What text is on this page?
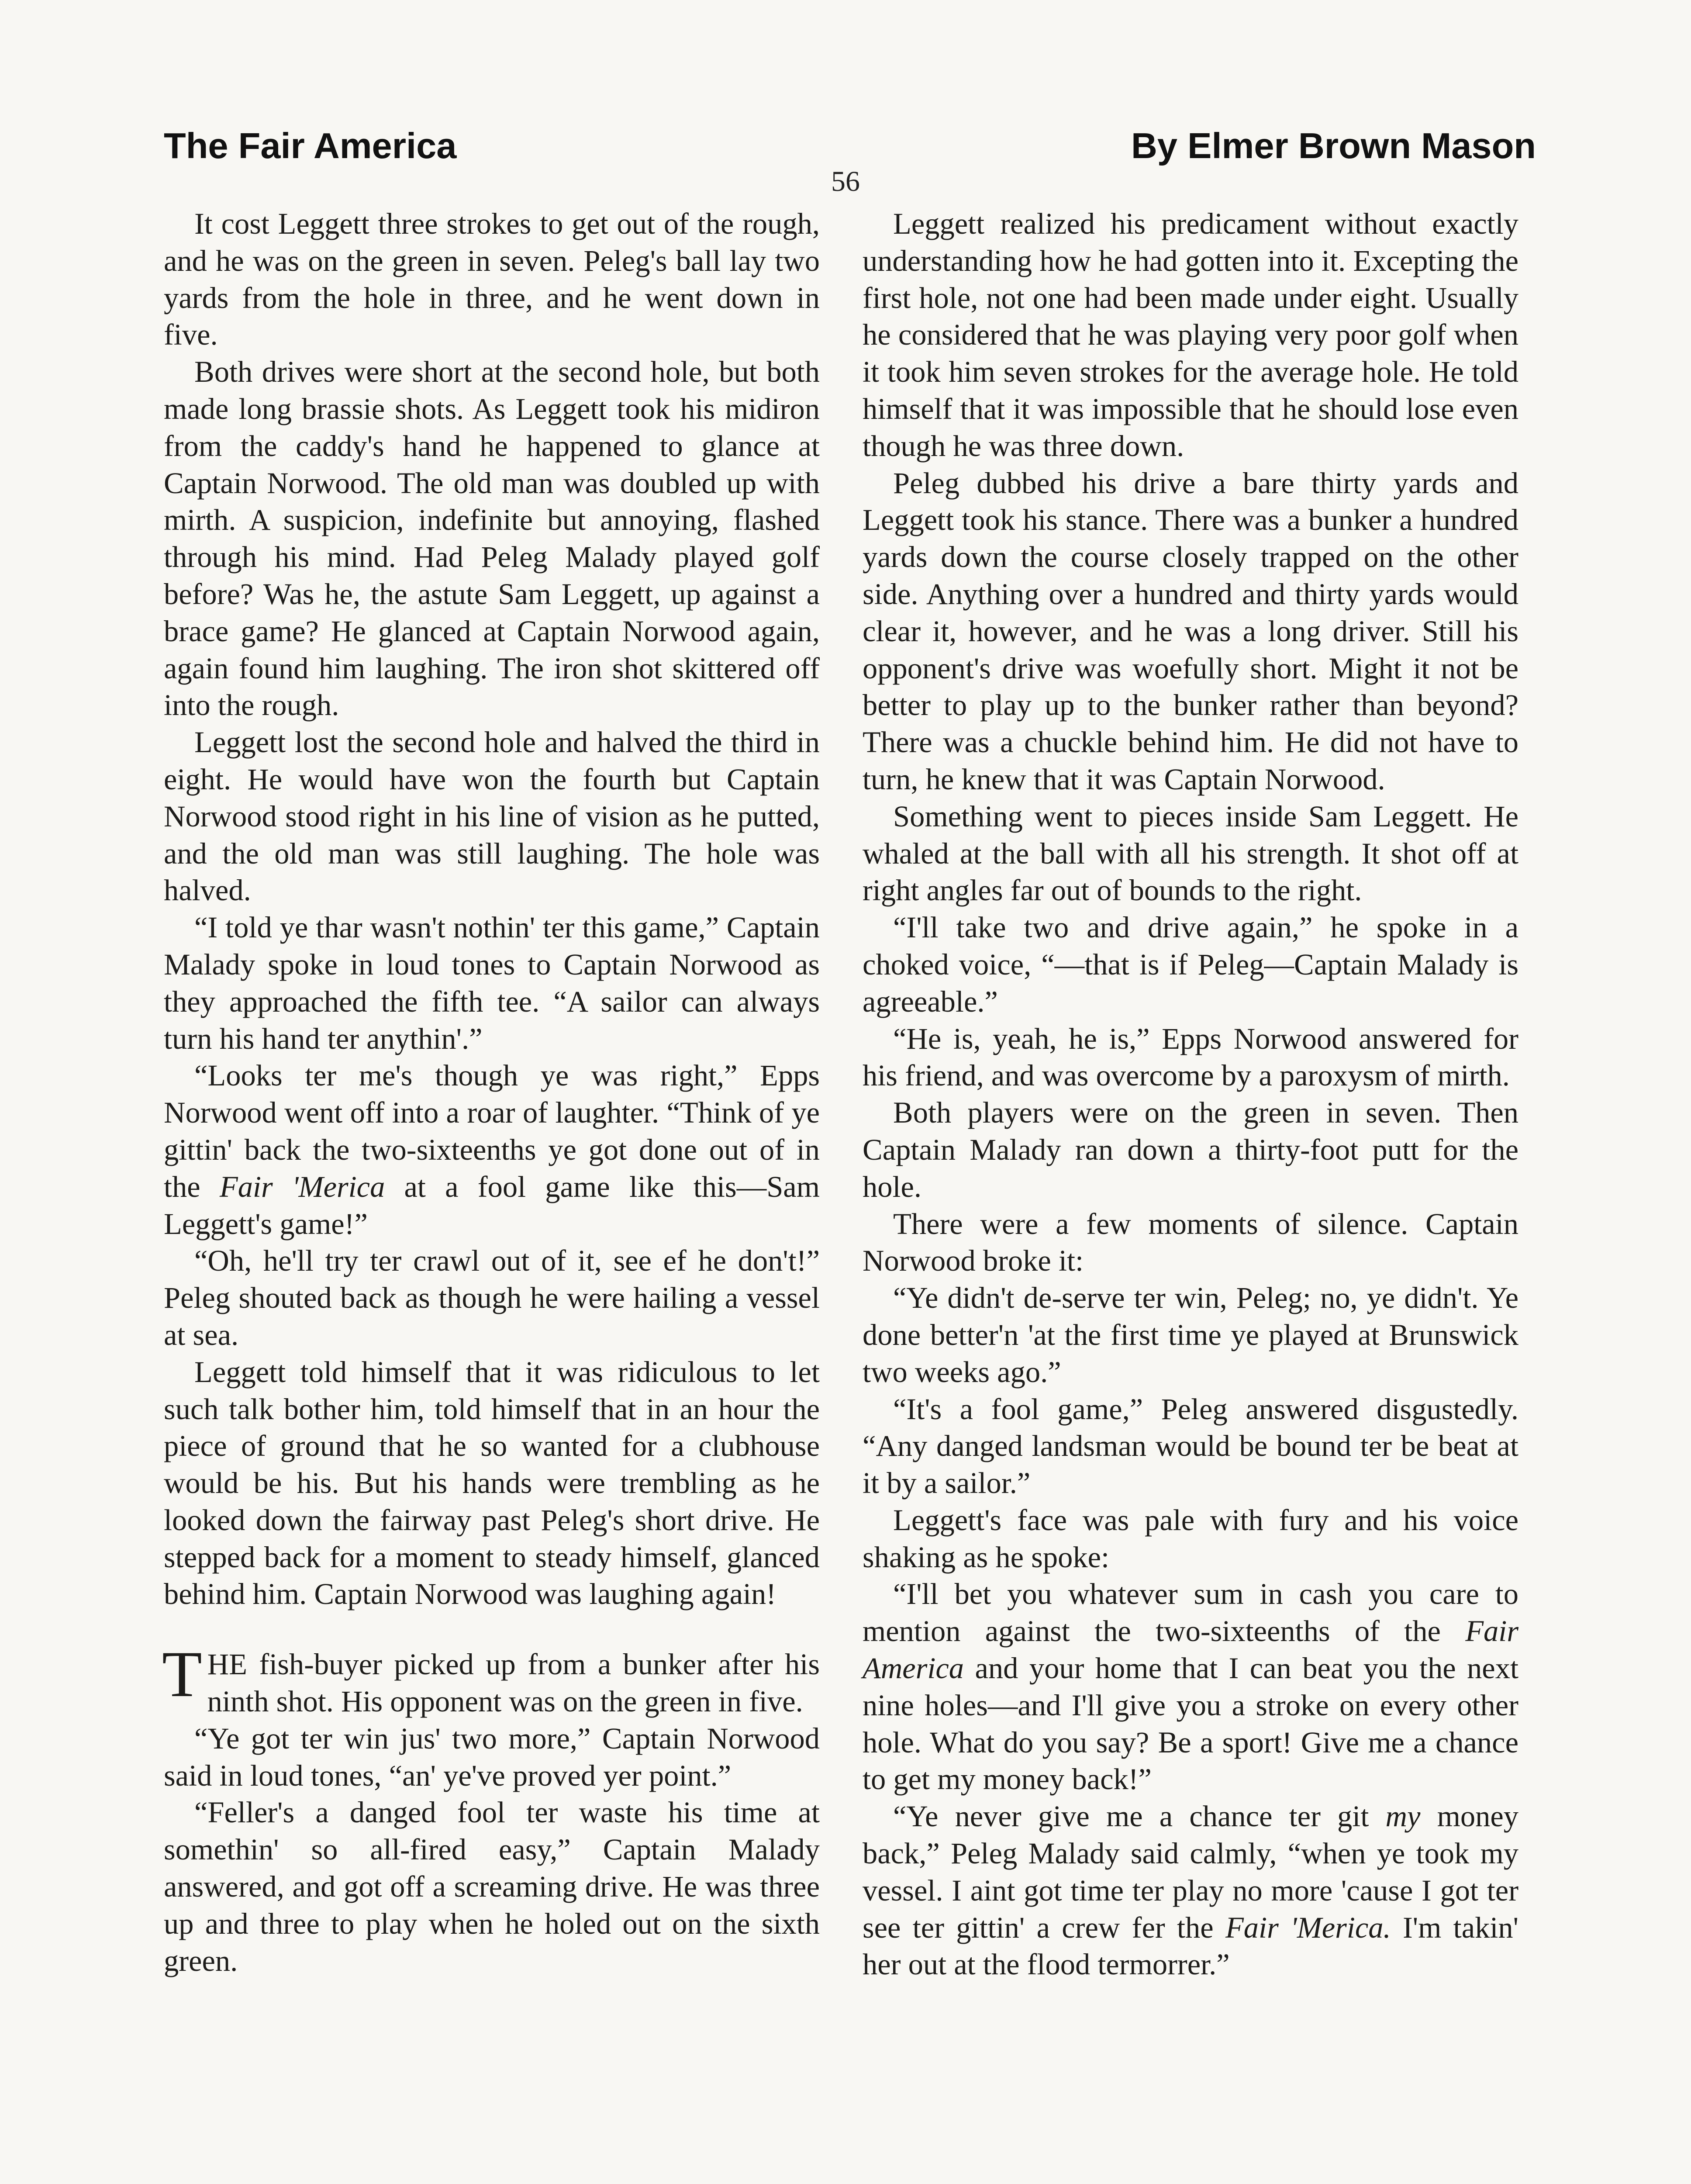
The Fair America	By Elmer Brown Mason
56

It cost Leggett three strokes to get out of the rough, and he was on the green in seven. Peleg's ball lay two yards from the hole in three, and he went down in five.

Both drives were short at the second hole, but both made long brassie shots. As Leggett took his midiron from the caddy's hand he happened to glance at Captain Norwood. The old man was doubled up with mirth. A suspicion, indefinite but annoying, flashed through his mind. Had Peleg Malady played golf before? Was he, the astute Sam Leggett, up against a brace game? He glanced at Captain Norwood again, again found him laughing. The iron shot skittered off into the rough.

Leggett lost the second hole and halved the third in eight. He would have won the fourth but Captain Norwood stood right in his line of vision as he putted, and the old man was still laughing. The hole was halved.

“I told ye thar wasn't nothin' ter this game,” Captain Malady spoke in loud tones to Captain Norwood as they approached the fifth tee. “A sailor can always turn his hand ter anythin'.”

“Looks ter me's though ye was right,” Epps Norwood went off into a roar of laughter. “Think of ye gittin' back the two-sixteenths ye got done out of in the Fair 'Merica at a fool game like this—Sam Leggett's game!”

“Oh, he'll try ter crawl out of it, see ef he don't!” Peleg shouted back as though he were hailing a vessel at sea.

Leggett told himself that it was ridiculous to let such talk bother him, told himself that in an hour the piece of ground that he so wanted for a clubhouse would be his. But his hands were trembling as he looked down the fairway past Peleg's short drive. He stepped back for a moment to steady himself, glanced behind him. Captain Norwood was laughing again!

THE fish-buyer picked up from a bunker after his ninth shot. His opponent was on the green in five.

“Ye got ter win jus' two more,” Captain Norwood said in loud tones, “an' ye've proved yer point.”

“Feller's a danged fool ter waste his time at somethin' so all-fired easy,” Captain Malady answered, and got off a screaming drive. He was three up and three to play when he holed out on the sixth green.

Leggett realized his predicament without exactly understanding how he had gotten into it. Excepting the first hole, not one had been made under eight. Usually he considered that he was playing very poor golf when it took him seven strokes for the average hole. He told himself that it was impossible that he should lose even though he was three down.

Peleg dubbed his drive a bare thirty yards and Leggett took his stance. There was a bunker a hundred yards down the course closely trapped on the other side. Anything over a hundred and thirty yards would clear it, however, and he was a long driver. Still his opponent's drive was woefully short. Might it not be better to play up to the bunker rather than beyond? There was a chuckle behind him. He did not have to turn, he knew that it was Captain Norwood.

Something went to pieces inside Sam Leggett. He whaled at the ball with all his strength. It shot off at right angles far out of bounds to the right.

“I'll take two and drive again,” he spoke in a choked voice, “—that is if Peleg—Captain Malady is agreeable.”

“He is, yeah, he is,” Epps Norwood answered for his friend, and was overcome by a paroxysm of mirth.

Both players were on the green in seven. Then Captain Malady ran down a thirty-foot putt for the hole.

There were a few moments of silence. Captain Norwood broke it:

“Ye didn't de-serve ter win, Peleg; no, ye didn't. Ye done better'n 'at the first time ye played at Brunswick two weeks ago.”

“It's a fool game,” Peleg answered disgustedly. “Any danged landsman would be bound ter be beat at it by a sailor.”

Leggett's face was pale with fury and his voice shaking as he spoke:

“I'll bet you whatever sum in cash you care to mention against the two-sixteenths of the Fair America and your home that I can beat you the next nine holes—and I'll give you a stroke on every other hole. What do you say? Be a sport! Give me a chance to get my money back!”

“Ye never give me a chance ter git my money back,” Peleg Malady said calmly, “when ye took my vessel. I aint got time ter play no more 'cause I got ter see ter gittin' a crew fer the Fair 'Merica. I'm takin' her out at the flood termorrer.”
